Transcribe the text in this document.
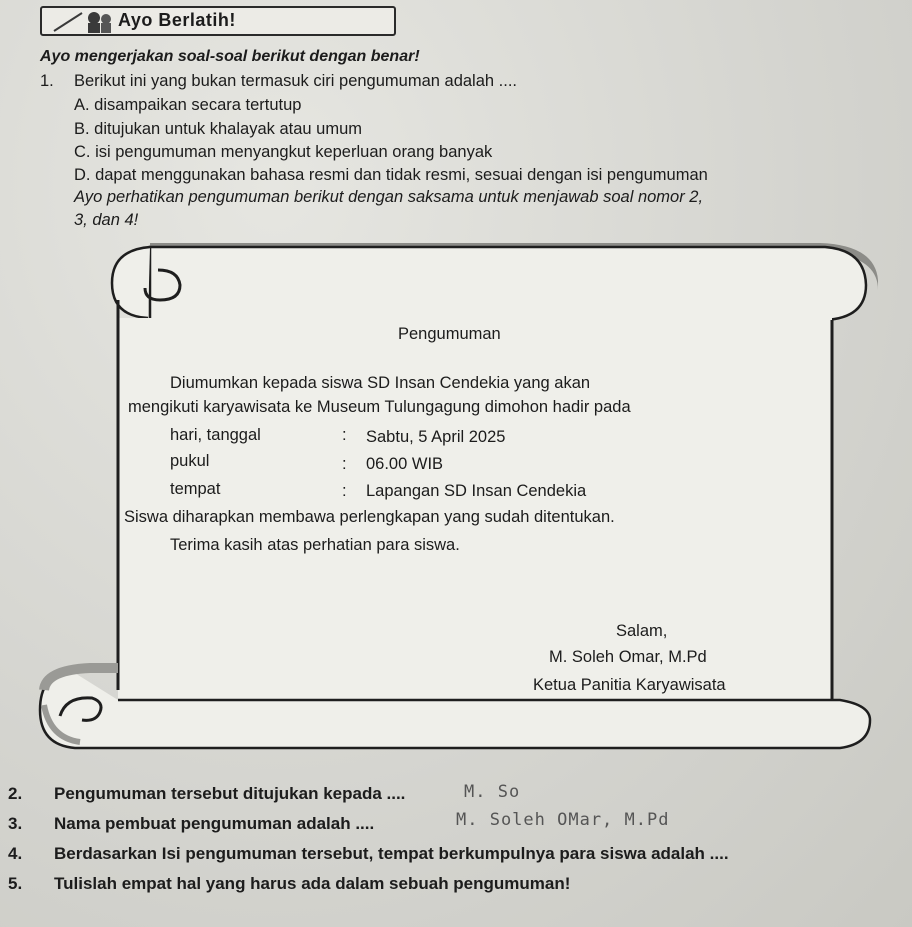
Ayo Berlatih!
Ayo mengerjakan soal-soal berikut dengan benar!
1. Berikut ini yang bukan termasuk ciri pengumuman adalah ....
A. disampaikan secara tertutup
B. ditujukan untuk khalayak atau umum
C. isi pengumuman menyangkut keperluan orang banyak
D. dapat menggunakan bahasa resmi dan tidak resmi, sesuai dengan isi pengumuman
Ayo perhatikan pengumuman berikut dengan saksama untuk menjawab soal nomor 2,
3, dan 4!
Pengumuman
Diumumkan kepada siswa SD Insan Cendekia yang akan
mengikuti karyawisata ke Museum Tulungagung dimohon hadir pada
hari, tanggal	: Sabtu, 5 April 2025
pukul	: 06.00 WIB
tempat	: Lapangan SD Insan Cendekia
Siswa diharapkan membawa perlengkapan yang sudah ditentukan.
Terima kasih atas perhatian para siswa.
Salam,
M. Soleh Omar, M.Pd
Ketua Panitia Karyawisata
2. Pengumuman tersebut ditujukan kepada ....	M. So
3. Nama pembuat pengumuman adalah ....	M. Soleh OMar, M.Pd
4. Berdasarkan Isi pengumuman tersebut, tempat berkumpulnya para siswa adalah ....
5. Tulislah empat hal yang harus ada dalam sebuah pengumuman!
